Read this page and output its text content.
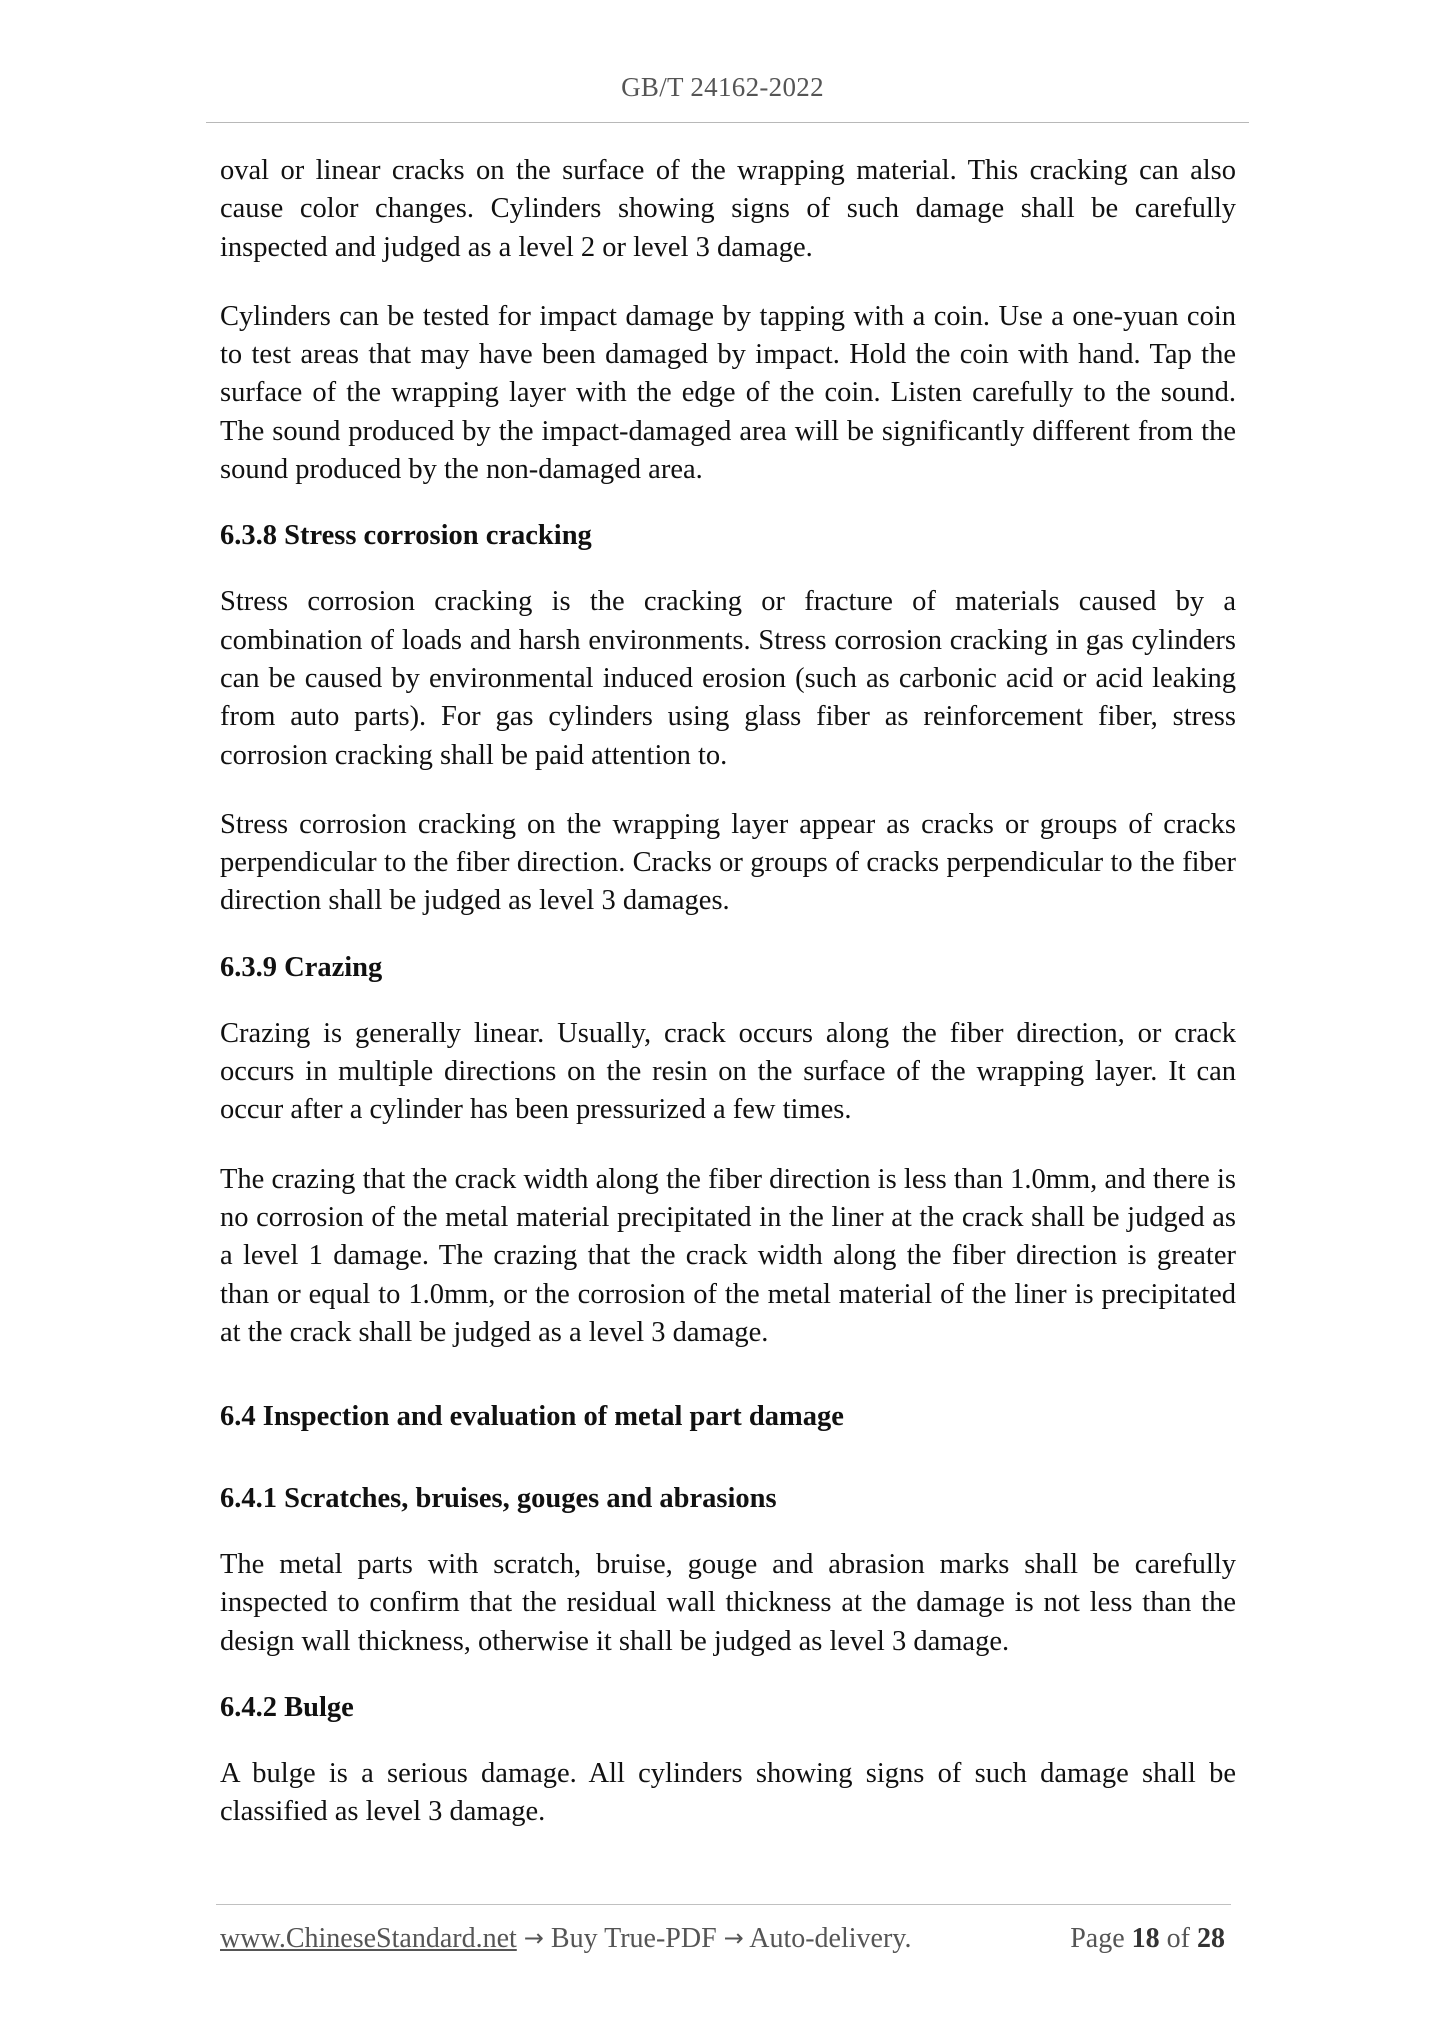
GB/T 24162-2022

oval or linear cracks on the surface of the wrapping material. This cracking can also cause color changes. Cylinders showing signs of such damage shall be carefully inspected and judged as a level 2 or level 3 damage.

Cylinders can be tested for impact damage by tapping with a coin. Use a one-yuan coin to test areas that may have been damaged by impact. Hold the coin with hand. Tap the surface of the wrapping layer with the edge of the coin. Listen carefully to the sound. The sound produced by the impact-damaged area will be significantly different from the sound produced by the non-damaged area.

6.3.8 Stress corrosion cracking

Stress corrosion cracking is the cracking or fracture of materials caused by a combination of loads and harsh environments. Stress corrosion cracking in gas cylinders can be caused by environmental induced erosion (such as carbonic acid or acid leaking from auto parts). For gas cylinders using glass fiber as reinforcement fiber, stress corrosion cracking shall be paid attention to.

Stress corrosion cracking on the wrapping layer appear as cracks or groups of cracks perpendicular to the fiber direction. Cracks or groups of cracks perpendicular to the fiber direction shall be judged as level 3 damages.

6.3.9 Crazing

Crazing is generally linear. Usually, crack occurs along the fiber direction, or crack occurs in multiple directions on the resin on the surface of the wrapping layer. It can occur after a cylinder has been pressurized a few times.

The crazing that the crack width along the fiber direction is less than 1.0mm, and there is no corrosion of the metal material precipitated in the liner at the crack shall be judged as a level 1 damage. The crazing that the crack width along the fiber direction is greater than or equal to 1.0mm, or the corrosion of the metal material of the liner is precipitated at the crack shall be judged as a level 3 damage.

6.4 Inspection and evaluation of metal part damage
6.4.1 Scratches, bruises, gouges and abrasions

The metal parts with scratch, bruise, gouge and abrasion marks shall be carefully inspected to confirm that the residual wall thickness at the damage is not less than the design wall thickness, otherwise it shall be judged as level 3 damage.

6.4.2 Bulge

A bulge is a serious damage. All cylinders showing signs of such damage shall be classified as level 3 damage.

www.ChineseStandard.net → Buy True-PDF → Auto-delivery.	Page 18 of 28
